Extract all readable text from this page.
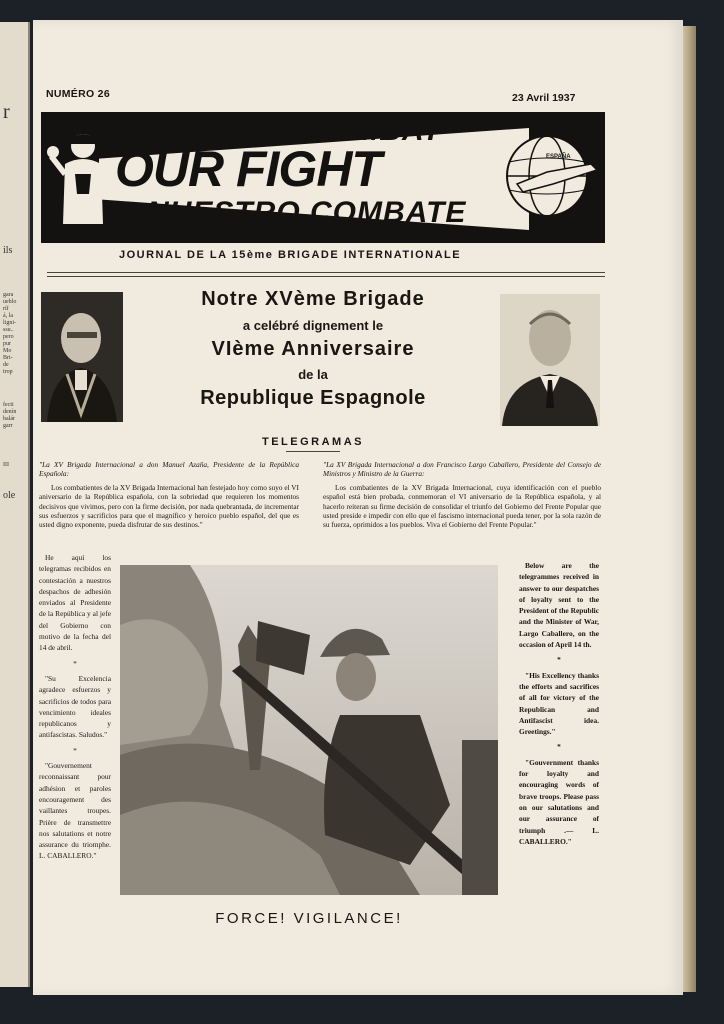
r
ils
gara
ueblo
ríf
á, la
ligni-
ssu..
pero
pur
Mo
Bri-
de
trop
fecti
denín
balár
garr
III
ole
NUMÉRO 26	23 Avril 1937
NOTRE COMBAT
OUR FIGHT
NUESTRO COMBATE
ESPAÑA
JOURNAL DE LA 15ème BRIGADE INTERNATIONALE
Notre XVème Brigade
a celébré dignement le
VIème Anniversaire
de la
Republique Espagnole
TELEGRAMAS
"La XV Brigada Internacional a don Manuel Azaña, Presidente de la República Española:
Los combatientes de la XV Brigada Internacional han festejado hoy como suyo el VI aniversario de la República española, con la sobriedad que requieren los momentos decisivos que vivimos, pero con la firme decisión, por nada quebrantada, de incrementar sus esfuerzos y sacrificios para que el magnífico y heroico pueblo español, del que es usted digno exponente, pueda disfrutar de sus destinos."
"La XV Brigada Internacional a don Francisco Largo Caballero, Presidente del Consejo de Ministros y Ministro de la Guerra:
Los combatientes de la XV Brigada Internacional, cuya identificación con el pueblo español está bien probada, conmemoran el VI aniversario de la República española, y al hacerlo reiteran su firme decisión de consolidar el triunfo del Gobierno del Frente Popular que usted preside e impedir con ello que el fascismo internacional pueda tener, por la sola razón de su fuerza, oprimidos a los pueblos. Viva el Gobierno del Frente Popular."
He aquí los telegramas recibidos en contestación a nuestros despachos de adhesión enviados al Presidente de la República y al jefe del Gobierno con motivo de la fecha del 14 de abril.
*
"Su Excelencia agradece esfuerzos y sacrificios de todos para vencimiento ideales republicanos y antifascistas. Saludos."
*
"Gouvernement reconnaissant pour adhésion et paroles encouragement des vaillantes troupes. Prière de transmettre nos salutations et notre assurance du triomphe. L. CABALLERO."
FORCE! VIGILANCE!
Below are the telegrammes received in answer to our despatches of loyalty sent to the President of the Republic and the Minister of War, Largo Caballero, on the occasion of April 14 th.
*
"His Excellency thanks the efforts and sacrifices of all for victory of the Republican and Antifascist idea. Greetings."
*
"Gouvernment thanks for loyalty and encouraging words of brave troops. Please pass on our salutations and our assurance of triumph .— L. CABALLERO."
